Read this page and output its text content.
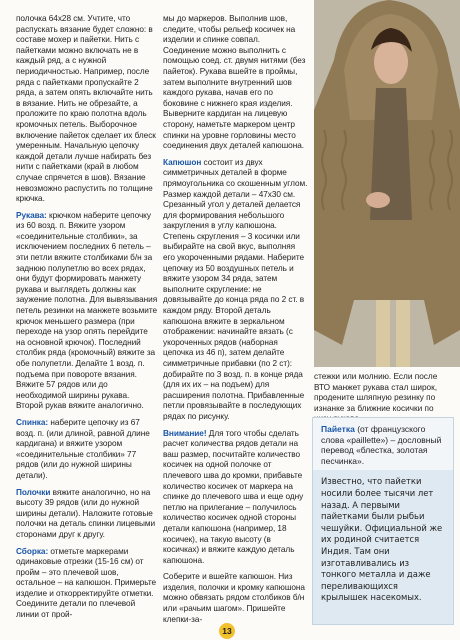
полочка 64х28 см. Учтите, что распускать вязание будет сложно: в составе мохер и пайетки. Нить с пайетками можно включать не в каждый ряд, а с нужной периодичностью. Например, после ряда с пайетками пропускайте 2 ряда, а затем опять включайте нить в вязание. Нить не обрезайте, а проложите по краю полотна вдоль кромочных петель. Выборочное включение пайеток сделает их блеск умеренным. Начальную цепочку каждой детали лучше набирать без нити с пайетками (край в любом случае спрячется в шов). Вязание невозможно распустить по толщине крючка.

Рукава: крючком наберите цепочку из 60 возд. п. Вяжите узором «соединительные столбики», за исключением последних 6 петель – эти петли вяжите столбиками б/н за заднюю полупетлю во всех рядах, они будут формировать манжету рукава и выглядеть должны как заужение полотна. Для вывязывания петель резинки на манжете возьмите крючок меньшего размера (при переходе на узор опять перейдите на основной крючок). Последний столбик ряда (кромочный) вяжите за обе полупетли. Делайте 1 возд. п. подъема при повороте вязания. Вяжите 57 рядов или до необходимой ширины рукава. Второй рукав вяжите аналогично.

Спинка: наберите цепочку из 67 возд. п. (или длиной, равной длине кардигана) и вяжите узором «соединительные столбики» 77 рядов (или до нужной ширины детали).

Полочки вяжите аналогично, но на высоту 39 рядов (или до нужной ширины детали). Наложите готовые полочки на деталь спинки лицевыми сторонами друг к другу.

Сборка: отметьте маркерами одинаковые отрезки (15-16 см) от пройм – это плечевой шов, остальное – на капюшон. Примерьте изделие и откорректируйте отметки. Соедините детали по плечевой линии от прой-

мы до маркеров. Выполнив шов, следите, чтобы рельеф косичек на изделии и спинке совпал. Соединение можно выполнить с помощью соед. ст. двумя нитями (без пайеток). Рукава вшейте в проймы, затем выполните внутренний шов каждого рукава, начав его по боковине с нижнего края изделия. Выверните кардиган на лицевую сторону, наметьте маркером центр спинки на уровне горловины место соединения двух деталей капюшона.

Капюшон состоит из двух симметричных деталей в форме прямоугольника со скошенным углом. Размер каждой детали – 47х30 см. Срезанный угол у деталей делается для формирования небольшого закругления в углу капюшона. Степень скругления – 3 косички или выбирайте на свой вкус, выполняя его укороченными рядами. Наберите цепочку из 50 воздушных петель и вяжите узором 34 ряда, затем выполните скругление: не довязывайте до конца ряда по 2 ст. в каждом ряду. Второй деталь капюшона вяжите в зеркальном отображении: начинайте вязать (с укороченных рядов (наборная цепочка из 46 п), затем делайте симметричные прибавки (по 2 ст): добирайте по 3 возд. п. в конце ряда (для их их – на подъем) для расширения полотна. Прибавленные петли провязывайте в последующих рядах по рисунку.

Внимание! Для того чтобы сделать расчет количества рядов детали на ваш размер, посчитайте количество косичек на одной полочке от плечевого шва до кромки, прибавьте количество косичек от маркера на спинке до плечевого шва и еще одну петлю на прилегание – получилось количество косичек одной стороны детали капюшона (например, 18 косичек), на такую высоту (в косичках) и вяжите каждую деталь капюшона.

Соберите и вшейте капюшон. Низ изделия, полочки и кромку капюшона можно обвязать рядом столбиков б/н или «рачьим шагом». Пришейте клепки-за-

стежки или молнию. Если после ВТО манжет рукава стал широк, продените шляпную резинку по изнанке за ближние косички по

Пайетка (от французского слова «paillette») – дословный перевод «блестка, золотая песчинка».

Известно, что пайетки носили более тысячи лет назад. А первыми пайетками были рыбьи чешуйки. Официальной же их родиной считается Индия. Там они изготавливались из тонкого металла и даже переливающихся крылышек насекомых.

13
